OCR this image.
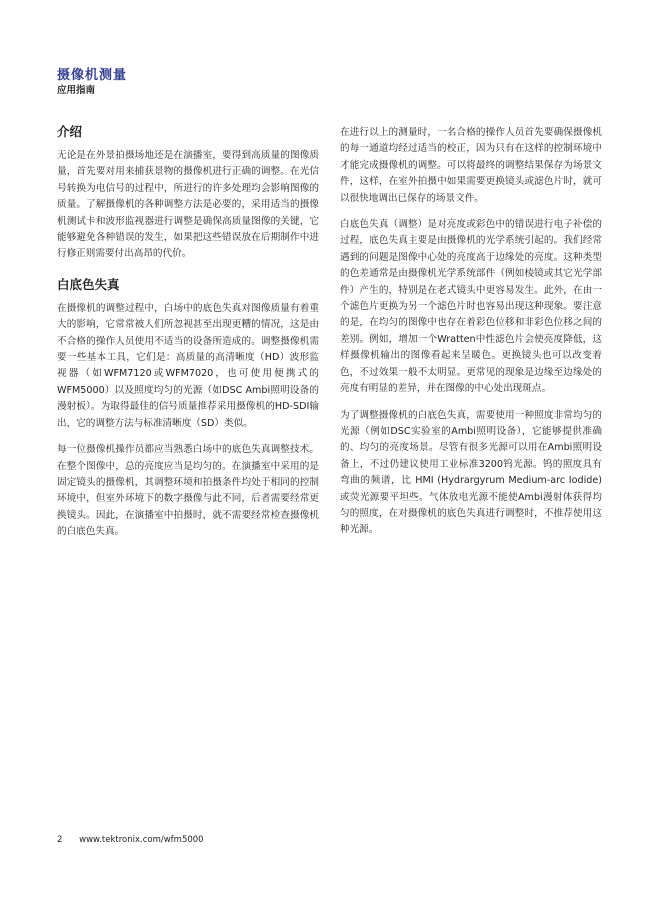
摄像机测量
应用指南
介绍

无论是在外景拍摄场地还是在演播室，要得到高质量的图像质量，首先要对用来捕获景物的摄像机进行正确的调整。在光信号转换为电信号的过程中，所进行的许多处理均会影响图像的质量。了解摄像机的各种调整方法是必要的，采用适当的摄像机测试卡和波形监视器进行调整是确保高质量图像的关键，它能够避免各种错误的发生，如果把这些错误放在后期制作中进行修正则需要付出高昂的代价。

白底色失真

在摄像机的调整过程中，白场中的底色失真对图像质量有着重大的影响，它常常被人们所忽视甚至出现更糟的情况，这是由不合格的操作人员使用不适当的设备所造成的。调整摄像机需要一些基本工具，它们是：高质量的高清晰度（HD）波形监视器（如WFM7120或WFM7020，也可使用便携式的WFM5000）以及照度均匀的光源（如DSC Ambi照明设备的漫射板）。为取得最佳的信号质量推荐采用摄像机的HD-SDI输出，它的调整方法与标准清晰度（SD）类似。

每一位摄像机操作员都应当熟悉白场中的底色失真调整技术。在整个图像中，总的亮度应当是均匀的。在演播室中采用的是固定镜头的摄像机，其调整环境和拍摄条件均处于相同的控制环境中，但室外环境下的数字摄像与此不同，后者需要经常更换镜头。因此，在演播室中拍摄时，就不需要经常检查摄像机的白底色失真。

在进行以上的测量时，一名合格的操作人员首先要确保摄像机的每一通道均经过适当的校正，因为只有在这样的控制环境中才能完成摄像机的调整。可以将最终的调整结果保存为场景文件，这样，在室外拍摄中如果需要更换镜头或滤色片时，就可以很快地调出已保存的场景文件。

白底色失真（调整）是对亮度或彩色中的错误进行电子补偿的过程，底色失真主要是由摄像机的光学系统引起的。我们经常遇到的问题是图像中心处的亮度高于边缘处的亮度。这种类型的色差通常是由摄像机光学系统部件（例如棱镜或其它光学部件）产生的，特别是在老式镜头中更容易发生。此外，在由一个滤色片更换为另一个滤色片时也容易出现这种现象。要注意的是，在均匀的图像中也存在着彩色位移和非彩色位移之间的差别。例如，增加一个Wratten中性滤色片会使亮度降低，这样摄像机输出的图像看起来呈暖色。更换镜头也可以改变着色，不过效果一般不太明显。更常见的现象是边缘至边缘处的亮度有明显的差异，并在图像的中心处出现斑点。

为了调整摄像机的白底色失真，需要使用一种照度非常均匀的光源（例如DSC实验室的Ambi照明设备），它能够提供准确的、均匀的亮度场景。尽管有很多光源可以用在Ambi照明设备上，不过仍建议使用工业标准3200钨光源。钨的照度具有弯曲的频谱，比 HMI (Hydrargyrum Medium-arc Iodide)或荧光源要平坦些。气体放电光源不能使Ambi漫射体获得均匀的照度，在对摄像机的底色失真进行调整时，不推荐使用这种光源。

2 www.tektronix.com/wfm5000
